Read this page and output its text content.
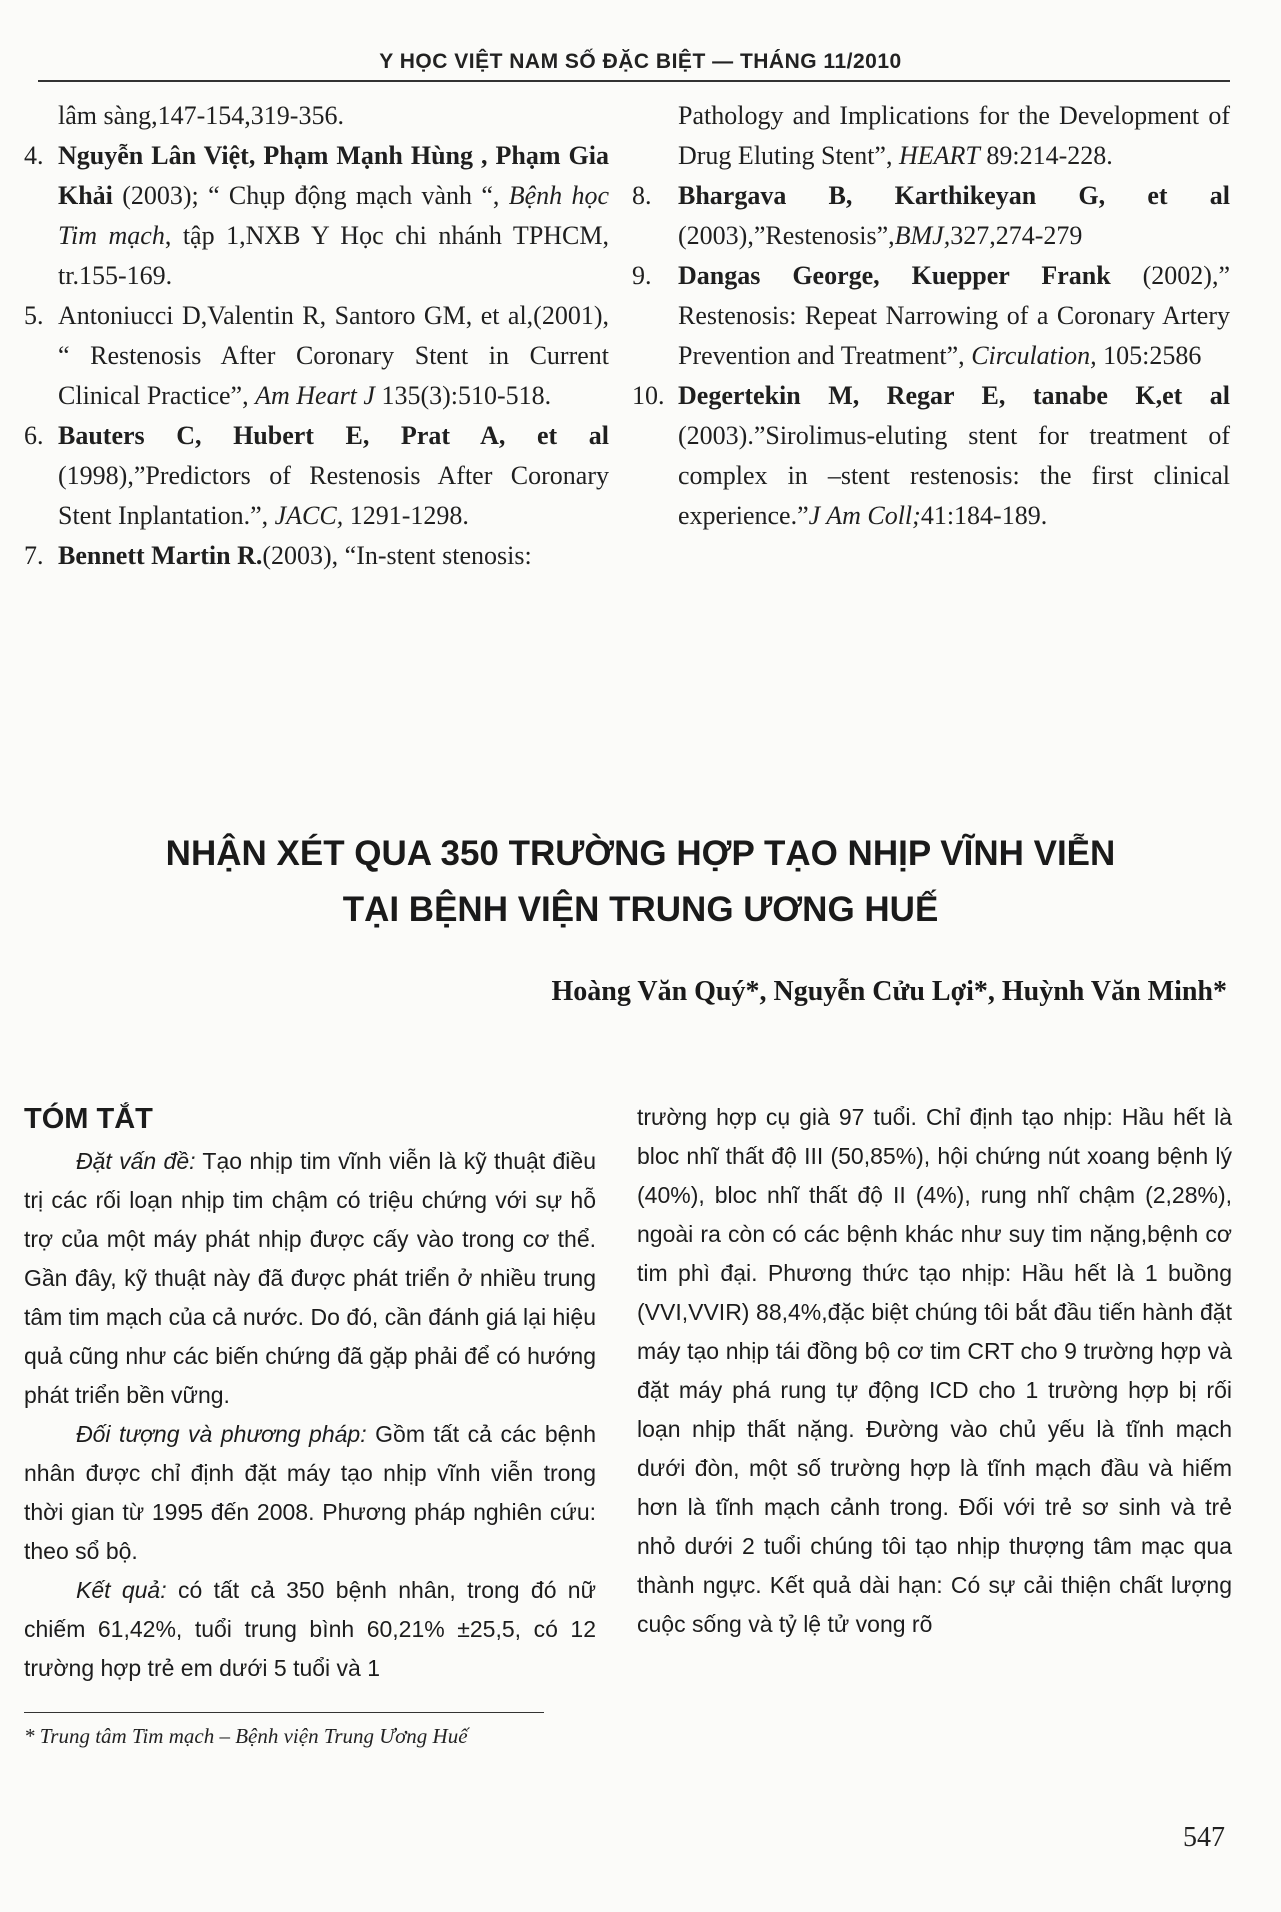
Y HỌC VIỆT NAM SỐ ĐẶC BIỆT — THÁNG 11/2010
lâm sàng,147-154,319-356.
4. Nguyễn Lân Việt, Phạm Mạnh Hùng , Phạm Gia Khải (2003); “ Chụp động mạch vành “, Bệnh học Tim mạch, tập 1,NXB Y Học chi nhánh TPHCM, tr.155-169.
5. Antoniucci D,Valentin R, Santoro GM, et al,(2001), “ Restenosis After Coronary Stent in Current Clinical Practice”, Am Heart J 135(3):510-518.
6. Bauters C, Hubert E, Prat A, et al (1998),”Predictors of Restenosis After Coronary Stent Inplantation.”, JACC, 1291-1298.
7. Bennett Martin R.(2003), “In-stent stenosis:
Pathology and Implications for the Development of Drug Eluting Stent”, HEART 89:214-228.
8.	Bhargava B, Karthikeyan G, et al (2003),”Restenosis”,BMJ,327,274-279
9.	Dangas George, Kuepper Frank (2002),” Restenosis: Repeat Narrowing of a Coronary Artery Prevention and Treatment”, Circulation, 105:2586
10. Degertekin M, Regar E, tanabe K,et al (2003).”Sirolimus-eluting stent for treatment of complex in –stent restenosis: the first clinical experience.”J Am Coll;41:184-189.
NHẬN XÉT QUA 350 TRƯỜNG HỢP TẠO NHỊP VĨNH VIỄN
TẠI BỆNH VIỆN TRUNG ƯƠNG HUẾ
Hoàng Văn Quý*, Nguyễn Cửu Lợi*, Huỳnh Văn Minh*
TÓM TẮT

Đặt vấn đề: Tạo nhịp tim vĩnh viễn là kỹ thuật điều trị các rối loạn nhịp tim chậm có triệu chứng với sự hỗ trợ của một máy phát nhịp được cấy vào trong cơ thể. Gần đây, kỹ thuật này đã được phát triển ở nhiều trung tâm tim mạch của cả nước. Do đó, cần đánh giá lại hiệu quả cũng như các biến chứng đã gặp phải để có hướng phát triển bền vững.

Đối tượng và phương pháp: Gồm tất cả các bệnh nhân được chỉ định đặt máy tạo nhịp vĩnh viễn trong thời gian từ 1995 đến 2008. Phương pháp nghiên cứu: theo sổ bộ.

Kết quả: có tất cả 350 bệnh nhân, trong đó nữ chiếm 61,42%, tuổi trung bình 60,21% ±25,5, có 12 trường hợp trẻ em dưới 5 tuổi và 1

trường hợp cụ già 97 tuổi. Chỉ định tạo nhịp: Hầu hết là bloc nhĩ thất độ III (50,85%), hội chứng nút xoang bệnh lý (40%), bloc nhĩ thất độ II (4%), rung nhĩ chậm (2,28%), ngoài ra còn có các bệnh khác như suy tim nặng,bệnh cơ tim phì đại. Phương thức tạo nhịp: Hầu hết là 1 buồng (VVI,VVIR) 88,4%,đặc biệt chúng tôi bắt đầu tiến hành đặt máy tạo nhịp tái đồng bộ cơ tim CRT cho 9 trường hợp và đặt máy phá rung tự động ICD cho 1 trường hợp bị rối loạn nhịp thất nặng. Đường vào chủ yếu là tĩnh mạch dưới đòn, một số trường hợp là tĩnh mạch đầu và hiếm hơn là tĩnh mạch cảnh trong. Đối với trẻ sơ sinh và trẻ nhỏ dưới 2 tuổi chúng tôi tạo nhịp thượng tâm mạc qua thành ngực. Kết quả dài hạn: Có sự cải thiện chất lượng cuộc sống và tỷ lệ tử vong rõ

* Trung tâm Tim mạch – Bệnh viện Trung Ương Huế
547
